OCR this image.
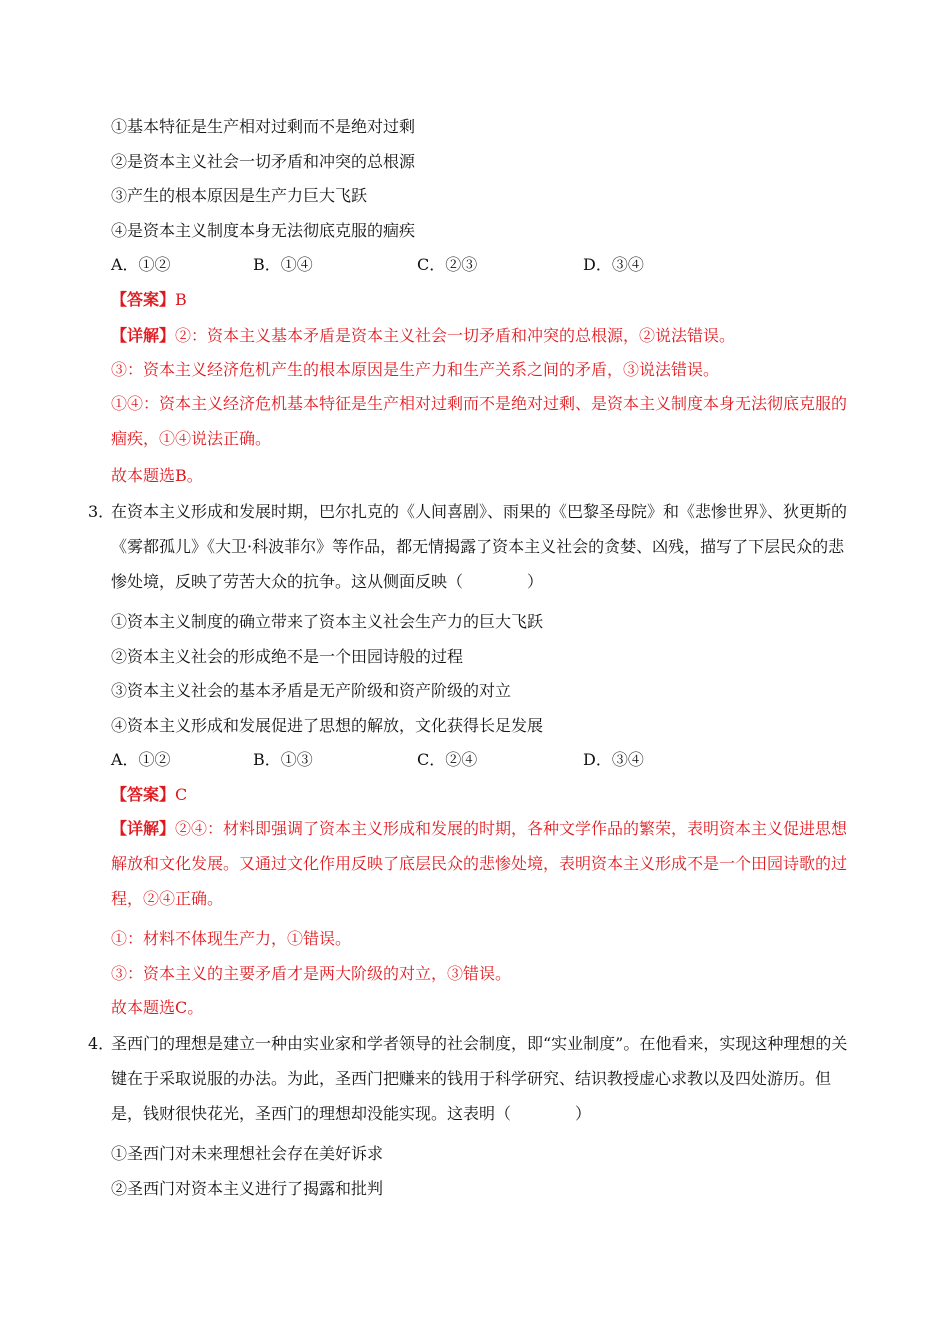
①基本特征是生产相对过剩而不是绝对过剩
②是资本主义社会一切矛盾和冲突的总根源
③产生的根本原因是生产力巨大飞跃
④是资本主义制度本身无法彻底克服的痼疾
A．①②	B．①④	C．②③	D．③④
【答案】B
【详解】②：资本主义基本矛盾是资本主义社会一切矛盾和冲突的总根源，②说法错误。
③：资本主义经济危机产生的根本原因是生产力和生产关系之间的矛盾，③说法错误。
①④：资本主义经济危机基本特征是生产相对过剩而不是绝对过剩、是资本主义制度本身无法彻底克服的痼疾，①④说法正确。
故本题选B。
3．
在资本主义形成和发展时期，巴尔扎克的《人间喜剧》、雨果的《巴黎圣母院》和《悲惨世界》、狄更斯的《雾都孤儿》《大卫·科波菲尔》等作品，都无情揭露了资本主义社会的贪婪、凶残，描写了下层民众的悲惨处境，反映了劳苦大众的抗争。这从侧面反映（　　　　）
①资本主义制度的确立带来了资本主义社会生产力的巨大飞跃
②资本主义社会的形成绝不是一个田园诗般的过程
③资本主义社会的基本矛盾是无产阶级和资产阶级的对立
④资本主义形成和发展促进了思想的解放，文化获得长足发展
A．①②	B．①③	C．②④	D．③④
【答案】C
【详解】②④：材料即强调了资本主义形成和发展的时期，各种文学作品的繁荣，表明资本主义促进思想解放和文化发展。又通过文化作用反映了底层民众的悲惨处境，表明资本主义形成不是一个田园诗歌的过程，②④正确。
①：材料不体现生产力，①错误。
③：资本主义的主要矛盾才是两大阶级的对立，③错误。
故本题选C。
4．
圣西门的理想是建立一种由实业家和学者领导的社会制度，即“实业制度”。在他看来，实现这种理想的关键在于采取说服的办法。为此，圣西门把赚来的钱用于科学研究、结识教授虚心求教以及四处游历。但是，钱财很快花光，圣西门的理想却没能实现。这表明（　　　　）
①圣西门对未来理想社会存在美好诉求
②圣西门对资本主义进行了揭露和批判
